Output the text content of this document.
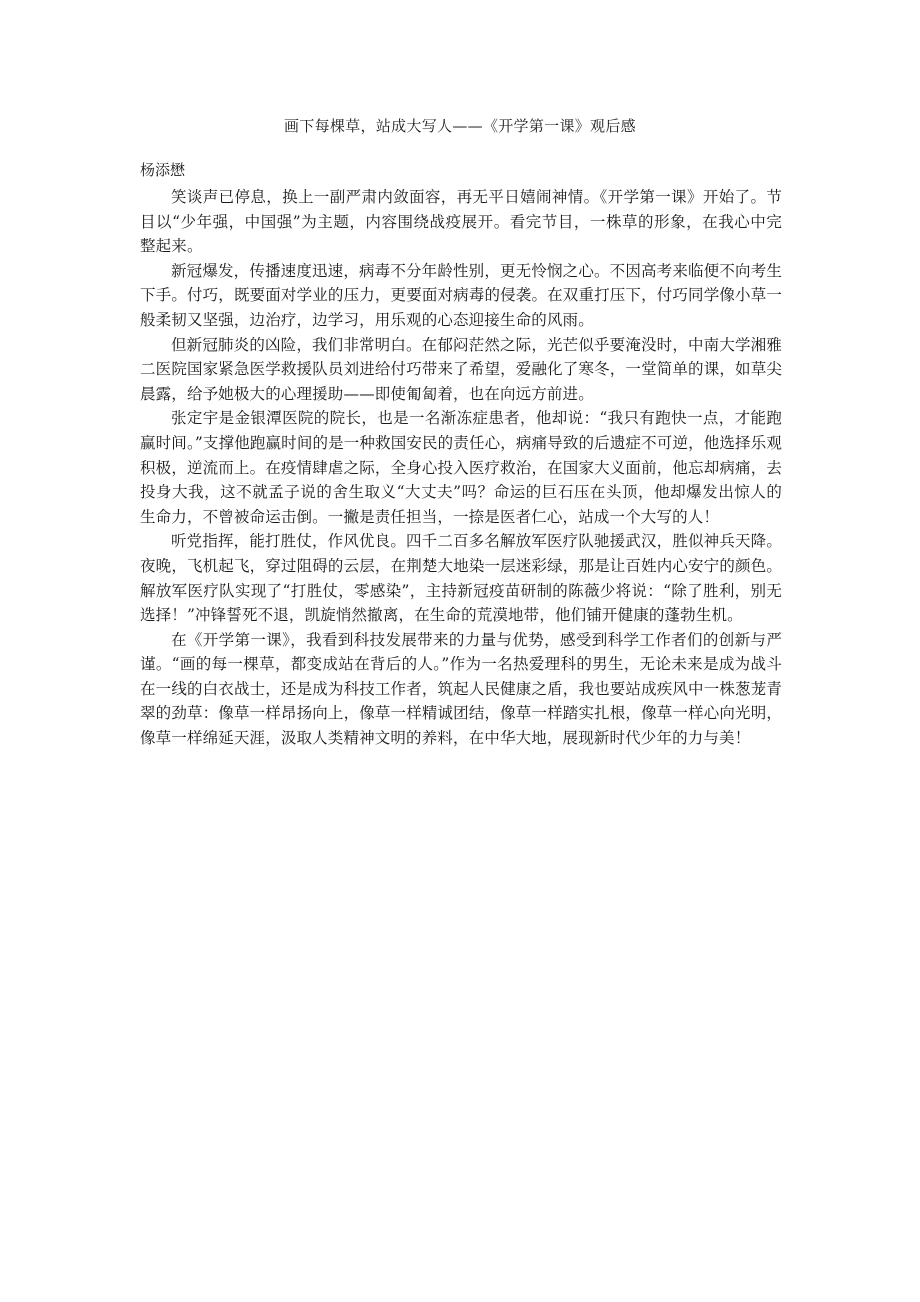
画下每棵草，站成大写人——《开学第一课》观后感
杨添懋

笑谈声已停息，换上一副严肃内敛面容，再无平日嬉闹神情。《开学第一课》开始了。节目以“少年强，中国强”为主题，内容围绕战疫展开。看完节目，一株草的形象，在我心中完整起来。

新冠爆发，传播速度迅速，病毒不分年龄性别，更无怜悯之心。不因高考来临便不向考生下手。付巧，既要面对学业的压力，更要面对病毒的侵袭。在双重打压下，付巧同学像小草一般柔韧又坚强，边治疗，边学习，用乐观的心态迎接生命的风雨。

但新冠肺炎的凶险，我们非常明白。在郁闷茫然之际，光芒似乎要淹没时，中南大学湘雅二医院国家紧急医学救援队员刘进给付巧带来了希望，爱融化了寒冬，一堂简单的课，如草尖晨露，给予她极大的心理援助——即使匍匐着，也在向远方前进。

张定宇是金银潭医院的院长，也是一名渐冻症患者，他却说：“我只有跑快一点，才能跑赢时间。”支撑他跑赢时间的是一种救国安民的责任心，病痛导致的后遗症不可逆，他选择乐观积极，逆流而上。在疫情肆虐之际，全身心投入医疗救治，在国家大义面前，他忘却病痛，去投身大我，这不就孟子说的舍生取义“大丈夫”吗？命运的巨石压在头顶，他却爆发出惊人的生命力，不曾被命运击倒。一撇是责任担当，一捺是医者仁心，站成一个大写的人！

听党指挥，能打胜仗，作风优良。四千二百多名解放军医疗队驰援武汉，胜似神兵天降。夜晚，飞机起飞，穿过阻碍的云层，在荆楚大地染一层迷彩绿，那是让百姓内心安宁的颜色。解放军医疗队实现了“打胜仗，零感染”，主持新冠疫苗研制的陈薇少将说：“除了胜利，别无选择！”冲锋誓死不退，凯旋悄然撤离，在生命的荒漠地带，他们铺开健康的蓬勃生机。

在《开学第一课》，我看到科技发展带来的力量与优势，感受到科学工作者们的创新与严谨。“画的每一棵草，都变成站在背后的人。”作为一名热爱理科的男生，无论未来是成为战斗在一线的白衣战士，还是成为科技工作者，筑起人民健康之盾，我也要站成疾风中一株葱茏青翠的劲草：像草一样昂扬向上，像草一样精诚团结，像草一样踏实扎根，像草一样心向光明，像草一样绵延天涯，汲取人类精神文明的养料，在中华大地，展现新时代少年的力与美！
